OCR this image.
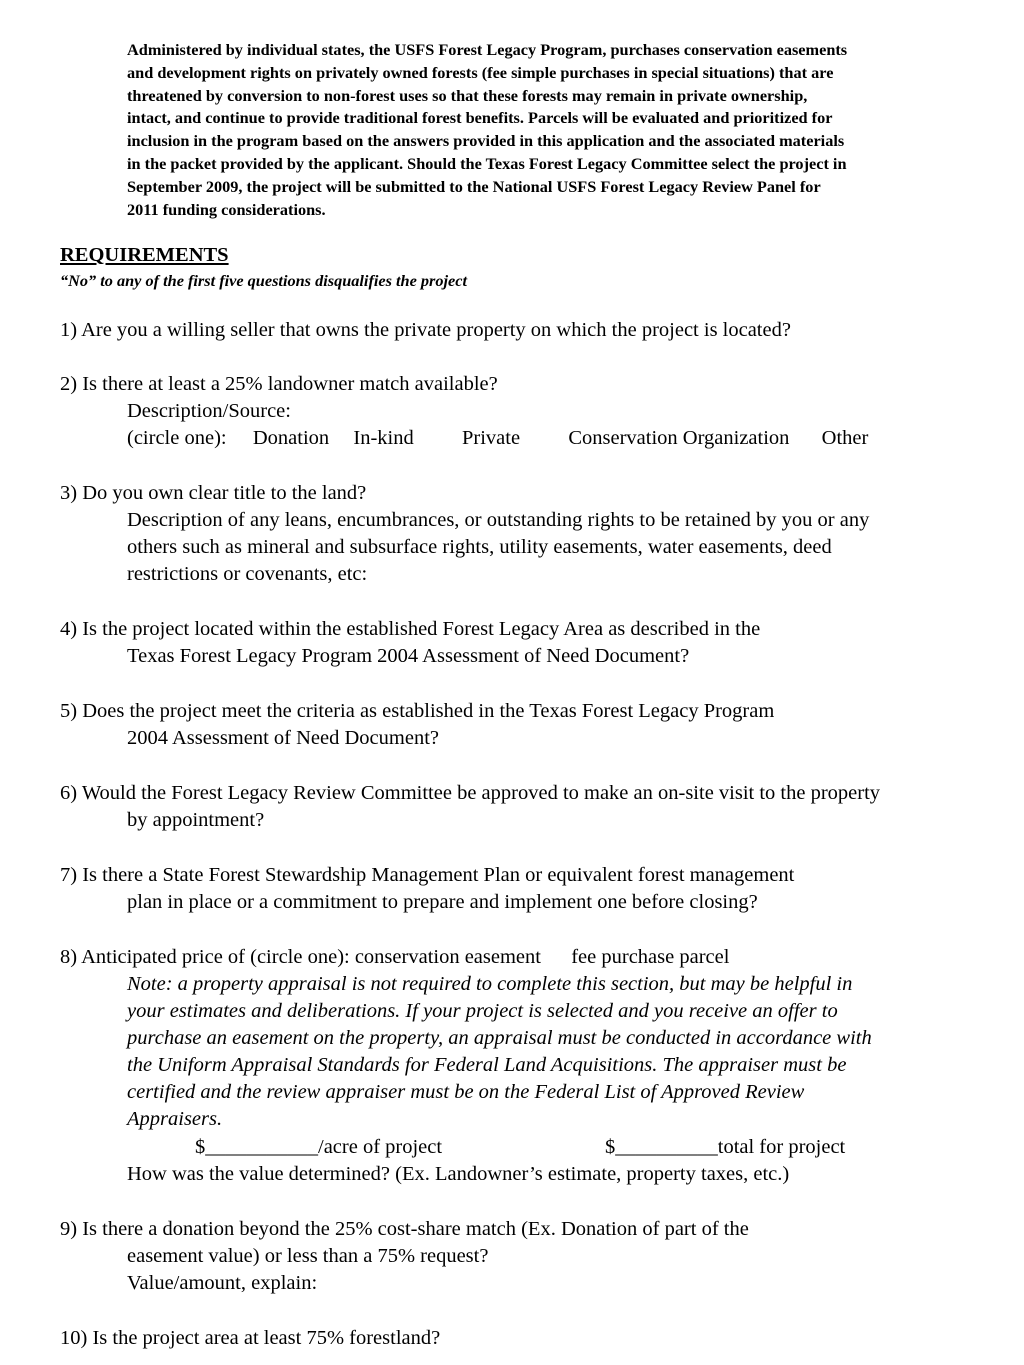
Administered by individual states, the USFS Forest Legacy Program, purchases conservation easements
and development rights on privately owned forests (fee simple purchases in special situations) that are
threatened by conversion to non-forest uses so that these forests may remain in private ownership,
intact, and continue to provide traditional forest benefits. Parcels will be evaluated and prioritized for
inclusion in the program based on the answers provided in this application and the associated materials
in the packet provided by the applicant. Should the Texas Forest Legacy Committee select the project in
September 2009, the project will be submitted to the National USFS Forest Legacy Review Panel for
2011 funding considerations.
REQUIREMENTS
“No” to any of the first five questions disqualifies the project
1) Are you a willing seller that owns the private property on which the project is located?
2) Is there at least a 25% landowner match available?
Description/Source:
(circle one): Donation In-kind Private Conservation Organization Other
3) Do you own clear title to the land?
Description of any leans, encumbrances, or outstanding rights to be retained by you or any
others such as mineral and subsurface rights, utility easements, water easements, deed
restrictions or covenants, etc:
4) Is the project located within the established Forest Legacy Area as described in the
Texas Forest Legacy Program 2004 Assessment of Need Document?
5) Does the project meet the criteria as established in the Texas Forest Legacy Program
2004 Assessment of Need Document?
6) Would the Forest Legacy Review Committee be approved to make an on-site visit to the property
by appointment?
7) Is there a State Forest Stewardship Management Plan or equivalent forest management
plan in place or a commitment to prepare and implement one before closing?
8) Anticipated price of (circle one): conservation easement fee purchase parcel
Note: a property appraisal is not required to complete this section, but may be helpful in
your estimates and deliberations. If your project is selected and you receive an offer to
purchase an easement on the property, an appraisal must be conducted in accordance with
the Uniform Appraisal Standards for Federal Land Acquisitions. The appraiser must be
certified and the review appraiser must be on the Federal List of Approved Review
Appraisers.
$___________/acre of project	$__________total for project
How was the value determined? (Ex. Landowner’s estimate, property taxes, etc.)
9) Is there a donation beyond the 25% cost-share match (Ex. Donation of part of the
easement value) or less than a 75% request?
Value/amount, explain:
10) Is the project area at least 75% forestland?
